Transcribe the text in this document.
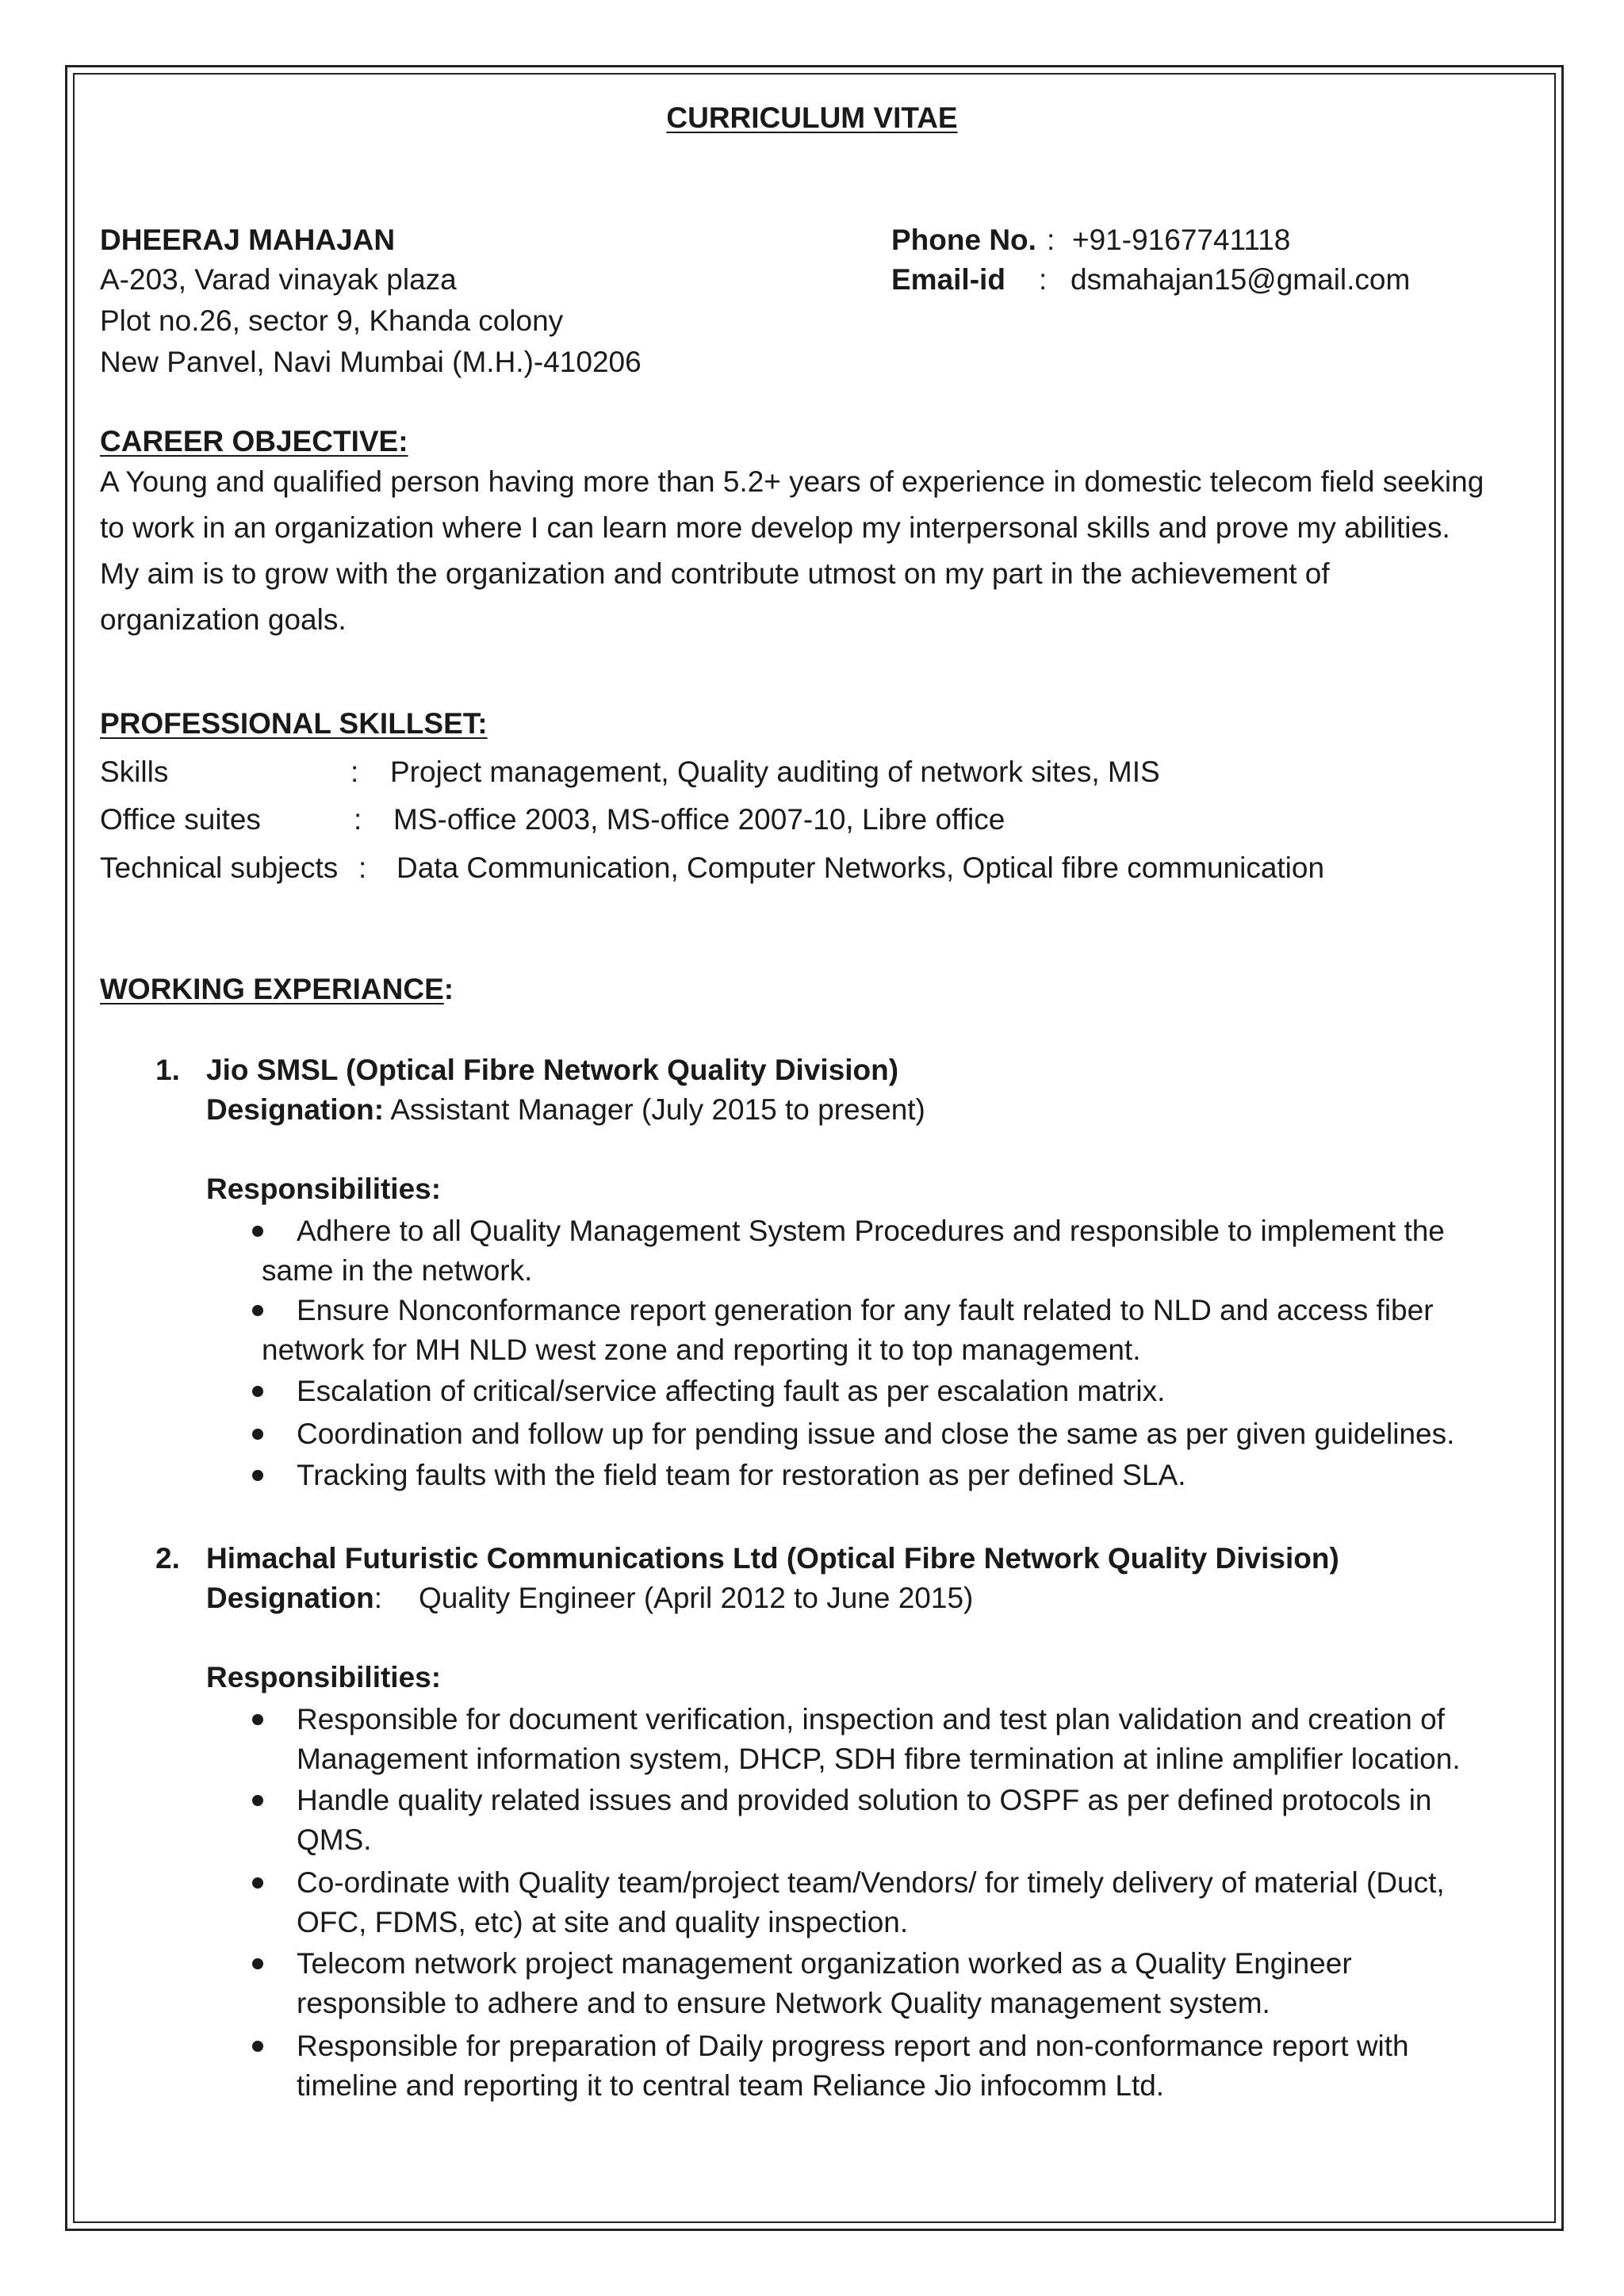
CURRICULUM VITAE
DHEERAJ MAHAJAN
A-203, Varad vinayak plaza
Plot no.26, sector 9, Khanda colony
New Panvel, Navi Mumbai (M.H.)-410206
Phone No. : +91-9167741118
Email-id : dsmahajan15@gmail.com
CAREER OBJECTIVE:
A Young and qualified person having more than 5.2+ years of experience in domestic telecom field seeking
to work in an organization where I can learn more develop my interpersonal skills and prove my abilities.
My aim is to grow with the organization and contribute utmost on my part in the achievement of
organization goals.
PROFESSIONAL SKILLSET:
Skills	: Project management, Quality auditing of network sites, MIS
Office suites	: MS-office 2003, MS-office 2007-10, Libre office
Technical subjects : Data Communication, Computer Networks, Optical fibre communication
WORKING EXPERIANCE:
1. Jio SMSL (Optical Fibre Network Quality Division)
Designation: Assistant Manager (July 2015 to present)
Responsibilities:
Adhere to all Quality Management System Procedures and responsible to implement the
same in the network.
Ensure Nonconformance report generation for any fault related to NLD and access fiber
network for MH NLD west zone and reporting it to top management.
Escalation of critical/service affecting fault as per escalation matrix.
Coordination and follow up for pending issue and close the same as per given guidelines.
Tracking faults with the field team for restoration as per defined SLA.
2. Himachal Futuristic Communications Ltd (Optical Fibre Network Quality Division)
Designation: Quality Engineer (April 2012 to June 2015)
Responsibilities:
Responsible for document verification, inspection and test plan validation and creation of
Management information system, DHCP, SDH fibre termination at inline amplifier location.
Handle quality related issues and provided solution to OSPF as per defined protocols in
QMS.
Co-ordinate with Quality team/project team/Vendors/ for timely delivery of material (Duct,
OFC, FDMS, etc) at site and quality inspection.
Telecom network project management organization worked as a Quality Engineer
responsible to adhere and to ensure Network Quality management system.
Responsible for preparation of Daily progress report and non-conformance report with
timeline and reporting it to central team Reliance Jio infocomm Ltd.
